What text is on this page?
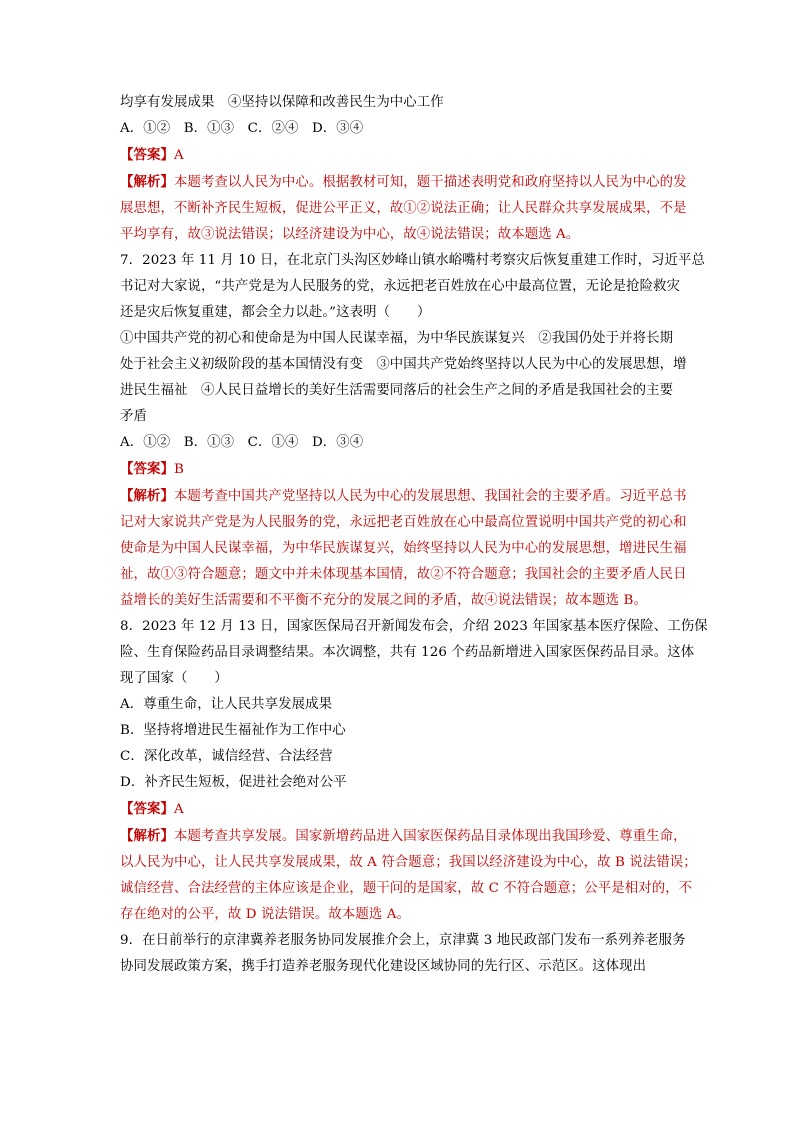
均享有发展成果　④坚持以保障和改善民生为中心工作

A．①②　B．①③　C．②④　D．③④

【答案】A

【解析】本题考查以人民为中心。根据教材可知，题干描述表明党和政府坚持以人民为中心的发

展思想，不断补齐民生短板，促进公平正义，故①②说法正确；让人民群众共享发展成果，不是

平均享有，故③说法错误；以经济建设为中心，故④说法错误；故本题选 A。

7．2023 年 11 月 10 日，在北京门头沟区妙峰山镇水峪嘴村考察灾后恢复重建工作时，习近平总

书记对大家说，“共产党是为人民服务的党，永远把老百姓放在心中最高位置，无论是抢险救灾

还是灾后恢复重建，都会全力以赴。”这表明（　　）

①中国共产党的初心和使命是为中国人民谋幸福，为中华民族谋复兴　②我国仍处于并将长期

处于社会主义初级阶段的基本国情没有变　③中国共产党始终坚持以人民为中心的发展思想，增

进民生福祉　④人民日益增长的美好生活需要同落后的社会生产之间的矛盾是我国社会的主要

矛盾

A．①②　B．①③　C．①④　D．③④

【答案】B

【解析】本题考查中国共产党坚持以人民为中心的发展思想、我国社会的主要矛盾。习近平总书

记对大家说共产党是为人民服务的党，永远把老百姓放在心中最高位置说明中国共产党的初心和

使命是为中国人民谋幸福，为中华民族谋复兴，始终坚持以人民为中心的发展思想，增进民生福

祉，故①③符合题意；题文中并未体现基本国情，故②不符合题意；我国社会的主要矛盾人民日

益增长的美好生活需要和不平衡不充分的发展之间的矛盾，故④说法错误；故本题选 B。

8．2023 年 12 月 13 日，国家医保局召开新闻发布会，介绍 2023 年国家基本医疗保险、工伤保

险、生育保险药品目录调整结果。本次调整，共有 126 个药品新增进入国家医保药品目录。这体

现了国家（　　）

A．尊重生命，让人民共享发展成果

B．坚持将增进民生福祉作为工作中心

C．深化改革，诚信经营、合法经营

D．补齐民生短板，促进社会绝对公平

【答案】A

【解析】本题考查共享发展。国家新增药品进入国家医保药品目录体现出我国珍爱、尊重生命，

以人民为中心，让人民共享发展成果，故 A 符合题意；我国以经济建设为中心，故 B 说法错误；

诚信经营、合法经营的主体应该是企业，题干问的是国家，故 C 不符合题意；公平是相对的，不

存在绝对的公平，故 D 说法错误。故本题选 A。

9．在日前举行的京津冀养老服务协同发展推介会上，京津冀 3 地民政部门发布一系列养老服务

协同发展政策方案，携手打造养老服务现代化建设区域协同的先行区、示范区。这体现出
